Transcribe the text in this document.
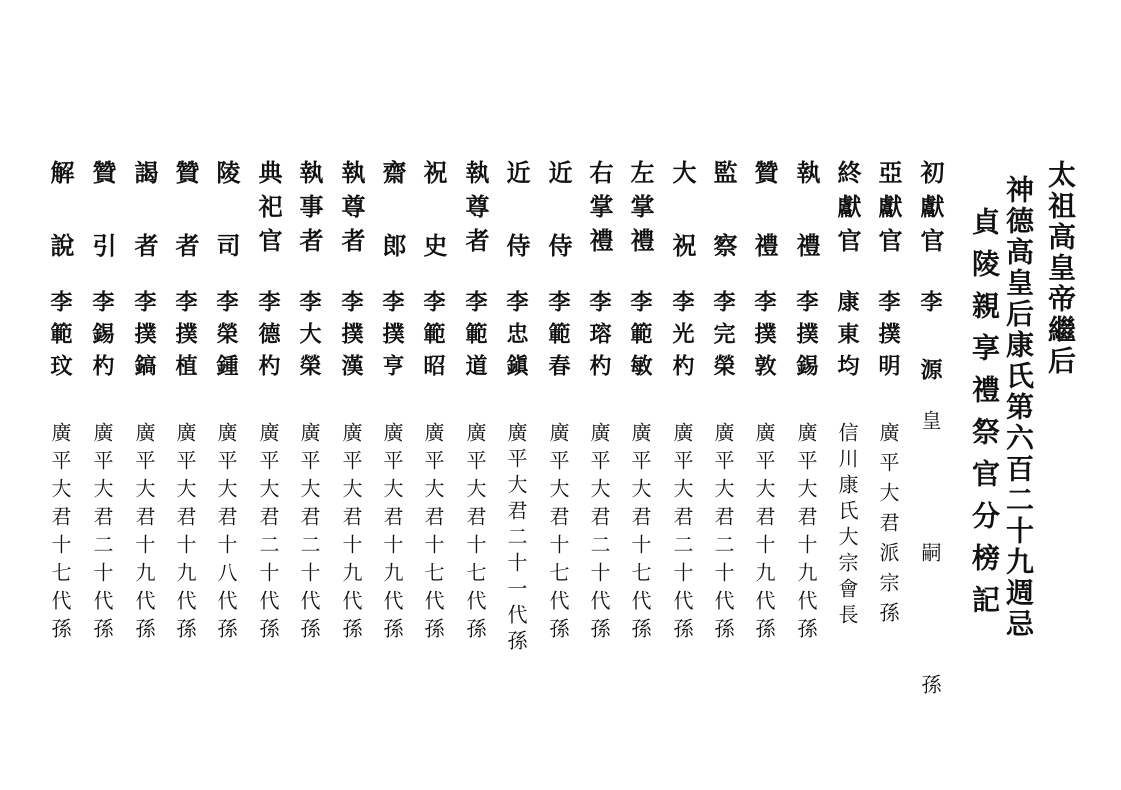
太祖高皇帝繼后
神德高皇后康氏第六百二十九週忌
貞陵親享禮祭官分榜記
初獻官
李 源
皇 嗣 孫
亞獻官
李撲明
廣平大君派宗孫
終獻官
康東均
信川康氏大宗會長
執 禮
李撲錫
廣平大君十九代孫
贊 禮
李撲敦
廣平大君十九代孫
監 察
李完榮
廣平大君二十代孫
大 祝
李光杓
廣平大君二十代孫
左掌禮
李範敏
廣平大君十七代孫
右掌禮
李瑢杓
廣平大君二十代孫
近 侍
李範春
廣平大君十七代孫
近 侍
李忠鎭
廣平大君二十一代孫
執尊者
李範道
廣平大君十七代孫
祝 史
李範昭
廣平大君十七代孫
齋 郎
李撲亨
廣平大君十九代孫
執尊者
李撲漢
廣平大君十九代孫
執事者
李大榮
廣平大君二十代孫
典祀官
李德杓
廣平大君二十代孫
陵 司
李榮鍾
廣平大君十八代孫
贊 者
李撲植
廣平大君十九代孫
謁 者
李撲鎬
廣平大君十九代孫
贊 引
李錫杓
廣平大君二十代孫
解 說
李範玟
廣平大君十七代孫
